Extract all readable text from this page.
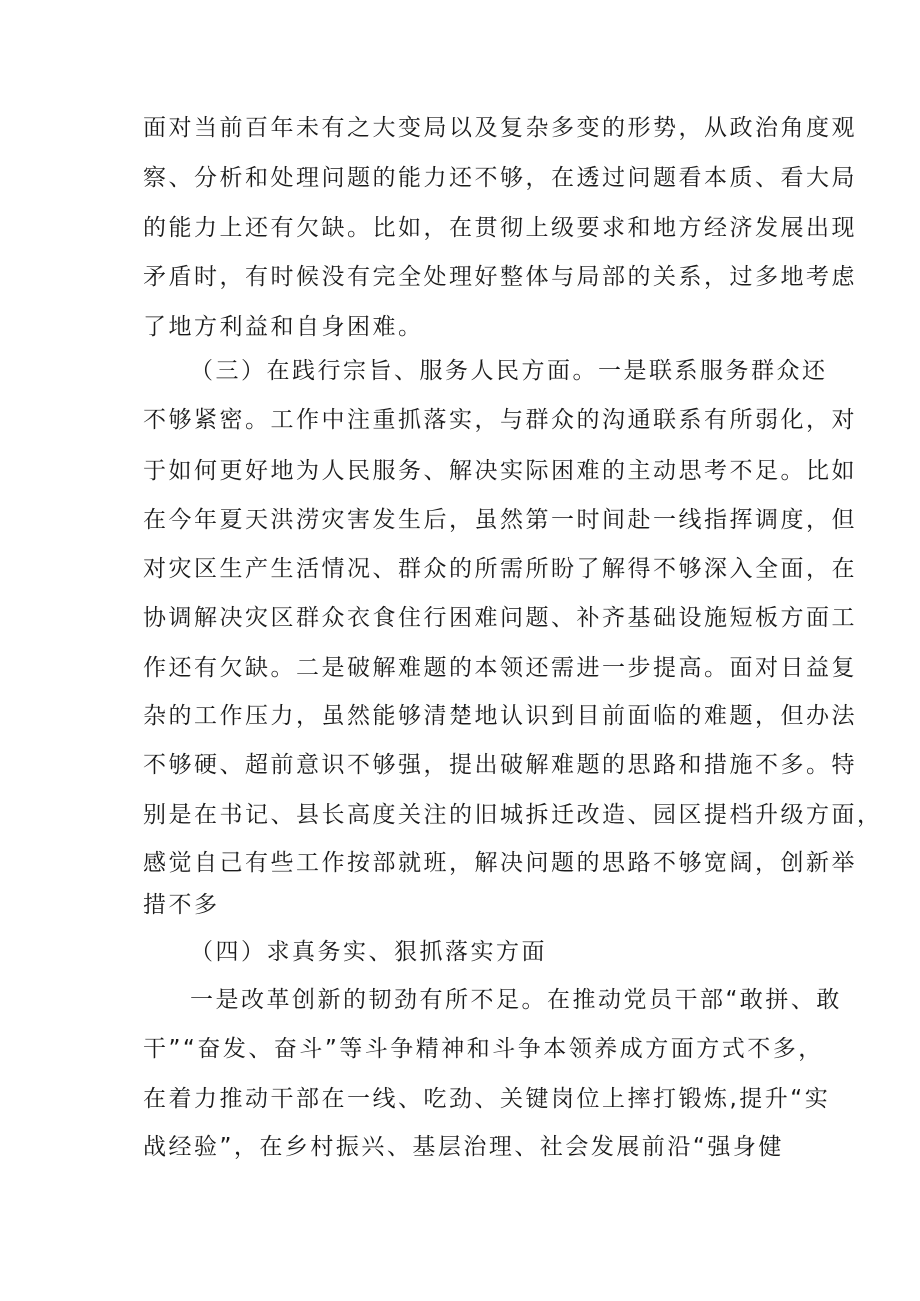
面对当前百年未有之大变局以及复杂多变的形势，从政治角度观
察、分析和处理问题的能力还不够，在透过问题看本质、看大局
的能力上还有欠缺。比如，在贯彻上级要求和地方经济发展出现
矛盾时，有时候没有完全处理好整体与局部的关系，过多地考虑
了地方利益和自身困难。
（三）在践行宗旨、服务人民方面。一是联系服务群众还
不够紧密。工作中注重抓落实，与群众的沟通联系有所弱化，对
于如何更好地为人民服务、解决实际困难的主动思考不足。比如
在今年夏天洪涝灾害发生后，虽然第一时间赴一线指挥调度，但
对灾区生产生活情况、群众的所需所盼了解得不够深入全面，在
协调解决灾区群众衣食住行困难问题、补齐基础设施短板方面工
作还有欠缺。二是破解难题的本领还需进一步提高。面对日益复
杂的工作压力，虽然能够清楚地认识到目前面临的难题，但办法
不够硬、超前意识不够强，提出破解难题的思路和措施不多。特
别是在书记、县长高度关注的旧城拆迁改造、园区提档升级方面，
感觉自己有些工作按部就班，解决问题的思路不够宽阔，创新举
措不多
（四）求真务实、狠抓落实方面
一是改革创新的韧劲有所不足。在推动党员干部“敢拼、敢
干”“奋发、奋斗”等斗争精神和斗争本领养成方面方式不多，
在着力推动干部在一线、吃劲、关键岗位上摔打锻炼,提升“实
战经验”，在乡村振兴、基层治理、社会发展前沿“强身健
